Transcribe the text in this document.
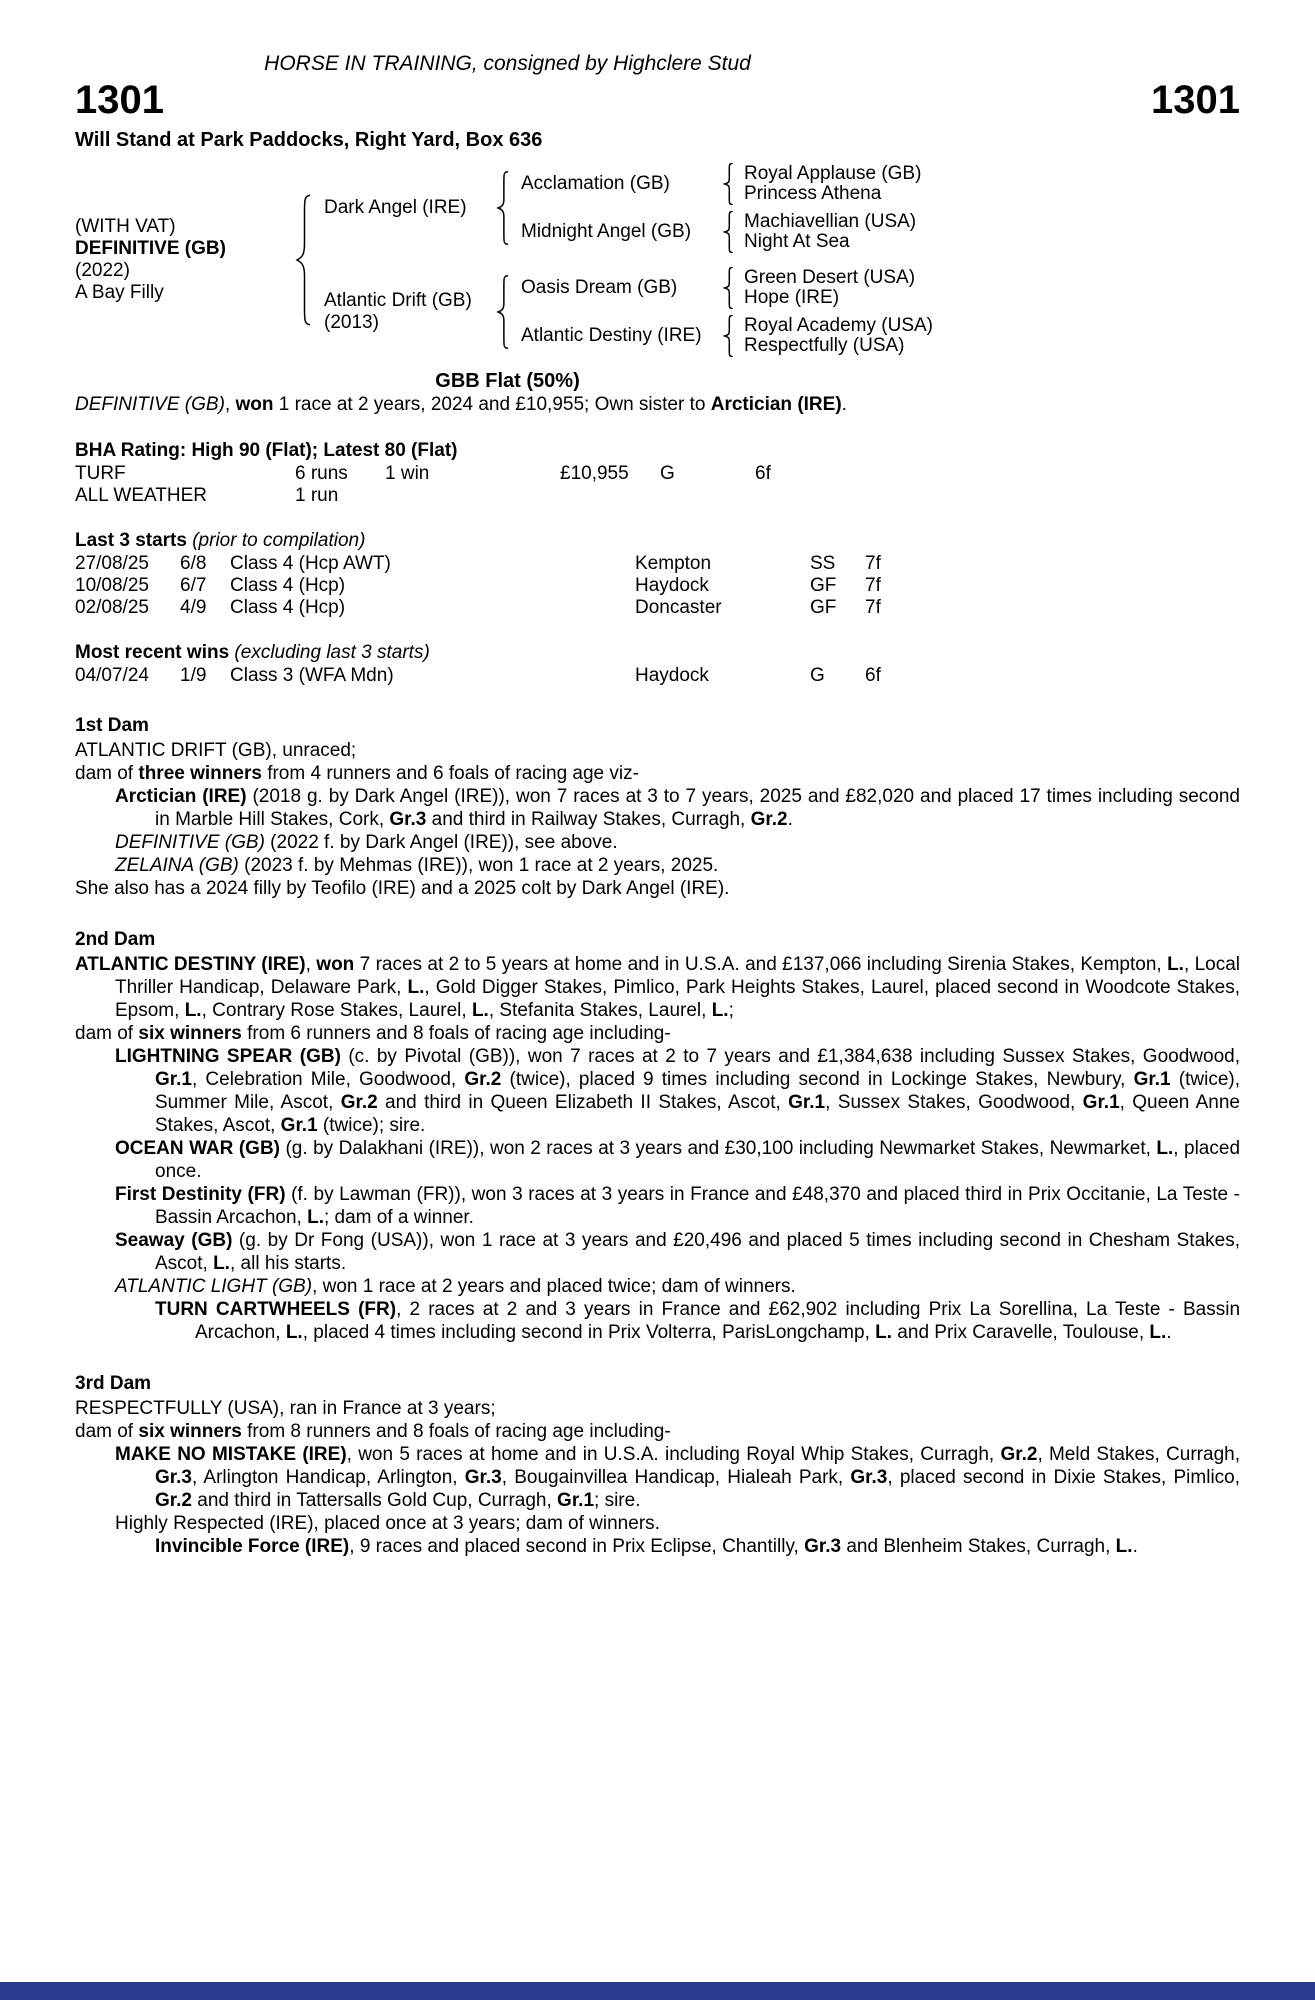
HORSE IN TRAINING, consigned by Highclere Stud
1301	1301
Will Stand at Park Paddocks, Right Yard, Box 636
(WITH VAT)
DEFINITIVE (GB)
(2022)
A Bay Filly
Dark Angel (IRE)
Acclamation (GB)	Royal Applause (GB)
Princess Athena
Midnight Angel (GB)	Machiavellian (USA)
Night At Sea
Atlantic Drift (GB)
(2013)
Oasis Dream (GB)	Green Desert (USA)
Hope (IRE)
Atlantic Destiny (IRE)	Royal Academy (USA)
Respectfully (USA)
GBB Flat (50%)

DEFINITIVE (GB), won 1 race at 2 years, 2024 and £10,955; Own sister to Arctician (IRE).

BHA Rating: High 90 (Flat); Latest 80 (Flat)
TURF	6 runs	1 win	£10,955	G	6f
ALL WEATHER	1 run
Last 3 starts (prior to compilation)
27/08/25	6/8	Class 4 (Hcp AWT)	Kempton	SS	7f
10/08/25	6/7	Class 4 (Hcp)	Haydock	GF	7f
02/08/25	4/9	Class 4 (Hcp)	Doncaster	GF	7f
Most recent wins (excluding last 3 starts)
04/07/24	1/9	Class 3 (WFA Mdn)	Haydock	G	6f
1st Dam

ATLANTIC DRIFT (GB), unraced;

dam of three winners from 4 runners and 6 foals of racing age viz-

Arctician (IRE) (2018 g. by Dark Angel (IRE)), won 7 races at 3 to 7 years, 2025 and £82,020 and placed 17 times including second in Marble Hill Stakes, Cork, Gr.3 and third in Railway Stakes, Curragh, Gr.2.

DEFINITIVE (GB) (2022 f. by Dark Angel (IRE)), see above.

ZELAINA (GB) (2023 f. by Mehmas (IRE)), won 1 race at 2 years, 2025.

She also has a 2024 filly by Teofilo (IRE) and a 2025 colt by Dark Angel (IRE).

2nd Dam

ATLANTIC DESTINY (IRE), won 7 races at 2 to 5 years at home and in U.S.A. and £137,066 including Sirenia Stakes, Kempton, L., Local Thriller Handicap, Delaware Park, L., Gold Digger Stakes, Pimlico, Park Heights Stakes, Laurel, placed second in Woodcote Stakes, Epsom, L., Contrary Rose Stakes, Laurel, L., Stefanita Stakes, Laurel, L.;

dam of six winners from 6 runners and 8 foals of racing age including-

LIGHTNING SPEAR (GB) (c. by Pivotal (GB)), won 7 races at 2 to 7 years and £1,384,638 including Sussex Stakes, Goodwood, Gr.1, Celebration Mile, Goodwood, Gr.2 (twice), placed 9 times including second in Lockinge Stakes, Newbury, Gr.1 (twice), Summer Mile, Ascot, Gr.2 and third in Queen Elizabeth II Stakes, Ascot, Gr.1, Sussex Stakes, Goodwood, Gr.1, Queen Anne Stakes, Ascot, Gr.1 (twice); sire.

OCEAN WAR (GB) (g. by Dalakhani (IRE)), won 2 races at 3 years and £30,100 including Newmarket Stakes, Newmarket, L., placed once.

First Destinity (FR) (f. by Lawman (FR)), won 3 races at 3 years in France and £48,370 and placed third in Prix Occitanie, La Teste - Bassin Arcachon, L.; dam of a winner.

Seaway (GB) (g. by Dr Fong (USA)), won 1 race at 3 years and £20,496 and placed 5 times including second in Chesham Stakes, Ascot, L., all his starts.

ATLANTIC LIGHT (GB), won 1 race at 2 years and placed twice; dam of winners.

TURN CARTWHEELS (FR), 2 races at 2 and 3 years in France and £62,902 including Prix La Sorellina, La Teste - Bassin Arcachon, L., placed 4 times including second in Prix Volterra, ParisLongchamp, L. and Prix Caravelle, Toulouse, L..

3rd Dam

RESPECTFULLY (USA), ran in France at 3 years;

dam of six winners from 8 runners and 8 foals of racing age including-

MAKE NO MISTAKE (IRE), won 5 races at home and in U.S.A. including Royal Whip Stakes, Curragh, Gr.2, Meld Stakes, Curragh, Gr.3, Arlington Handicap, Arlington, Gr.3, Bougainvillea Handicap, Hialeah Park, Gr.3, placed second in Dixie Stakes, Pimlico, Gr.2 and third in Tattersalls Gold Cup, Curragh, Gr.1; sire.

Highly Respected (IRE), placed once at 3 years; dam of winners.

Invincible Force (IRE), 9 races and placed second in Prix Eclipse, Chantilly, Gr.3 and Blenheim Stakes, Curragh, L..
